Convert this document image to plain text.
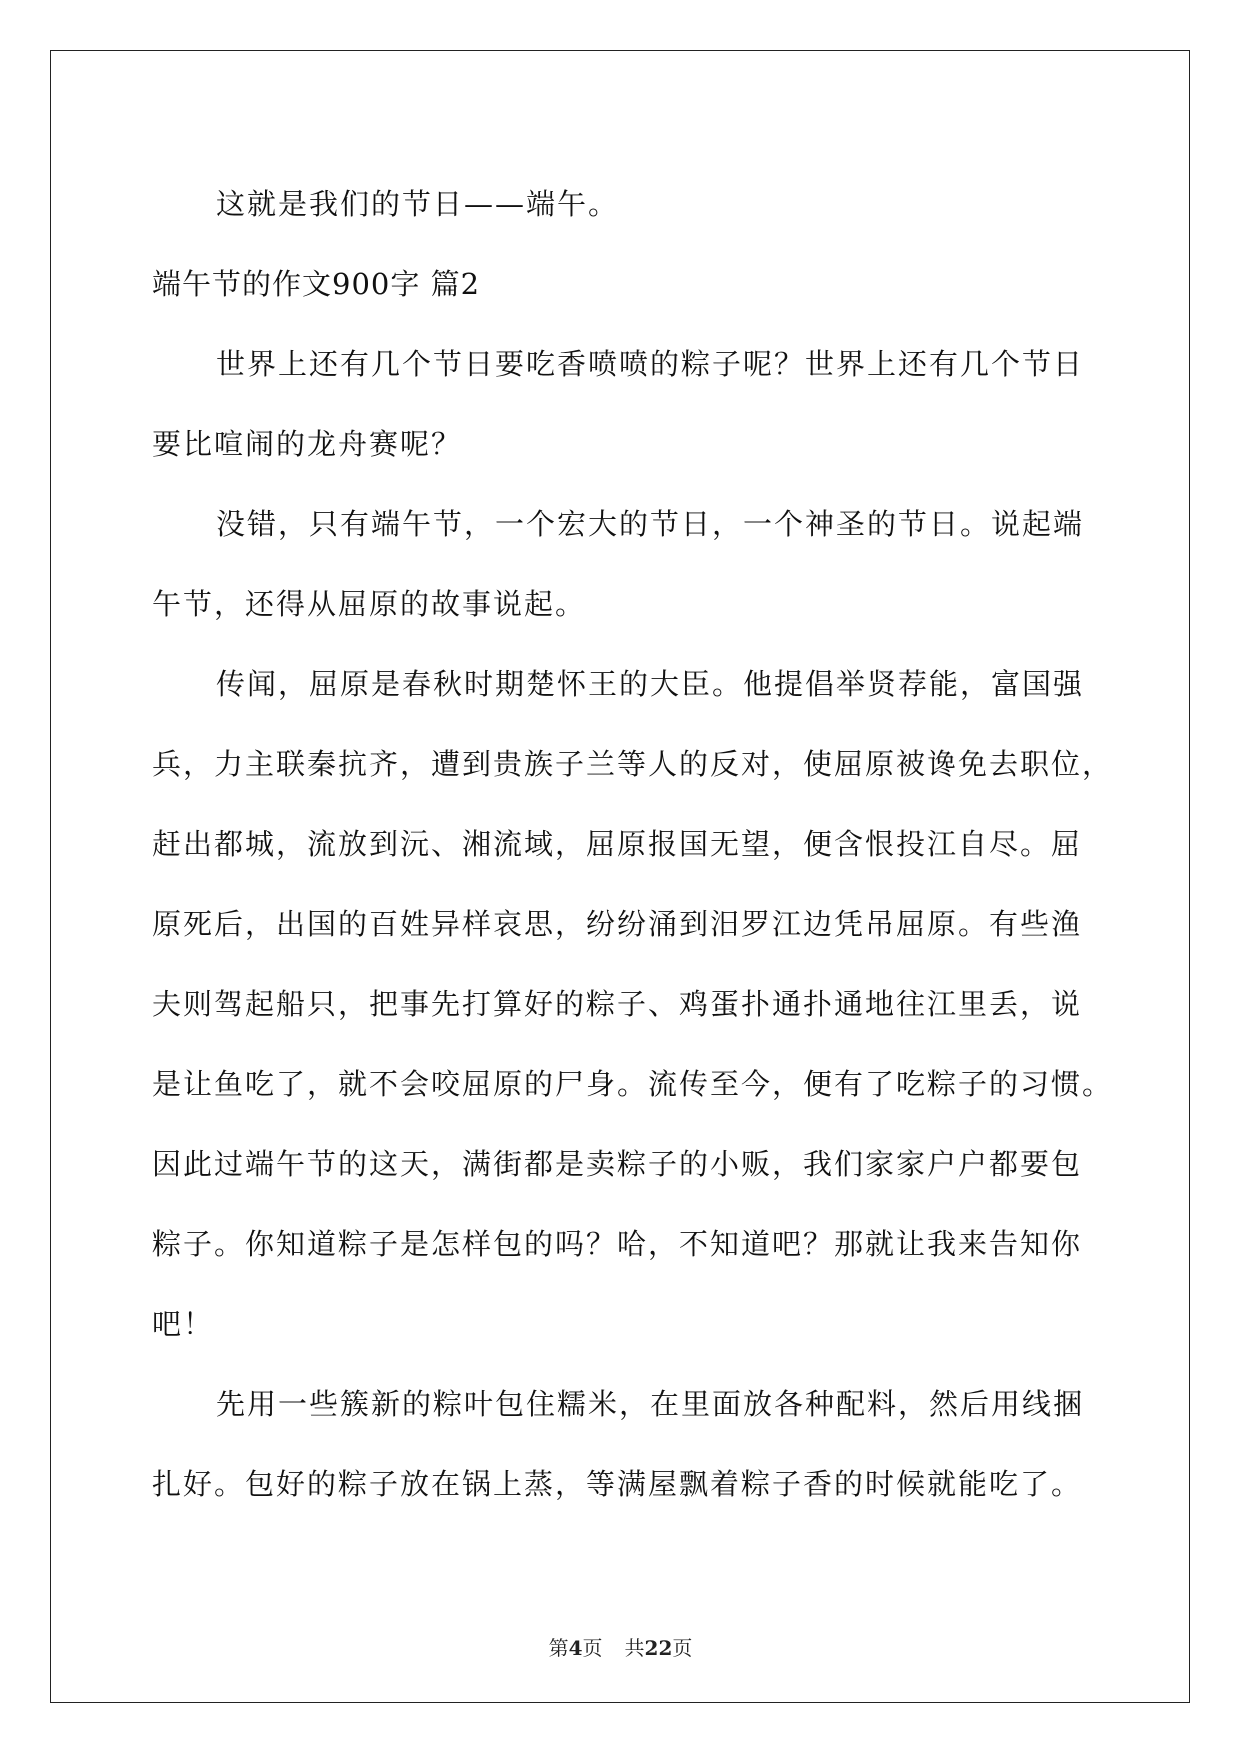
这就是我们的节日——端午。
端午节的作文900字 篇2
世界上还有几个节日要吃香喷喷的粽子呢？世界上还有几个节日
要比喧闹的龙舟赛呢？
没错，只有端午节，一个宏大的节日，一个神圣的节日。说起端
午节，还得从屈原的故事说起。
传闻，屈原是春秋时期楚怀王的大臣。他提倡举贤荐能，富国强
兵，力主联秦抗齐，遭到贵族子兰等人的反对，使屈原被谗免去职位，
赶出都城，流放到沅、湘流域，屈原报国无望，便含恨投江自尽。屈
原死后，出国的百姓异样哀思，纷纷涌到汨罗江边凭吊屈原。有些渔
夫则驾起船只，把事先打算好的粽子、鸡蛋扑通扑通地往江里丢，说
是让鱼吃了，就不会咬屈原的尸身。流传至今，便有了吃粽子的习惯。
因此过端午节的这天，满街都是卖粽子的小贩，我们家家户户都要包
粽子。你知道粽子是怎样包的吗？哈，不知道吧？那就让我来告知你
吧！
先用一些簇新的粽叶包住糯米，在里面放各种配料，然后用线捆
扎好。包好的粽子放在锅上蒸，等满屋飘着粽子香的时候就能吃了。
第4页 共22页
